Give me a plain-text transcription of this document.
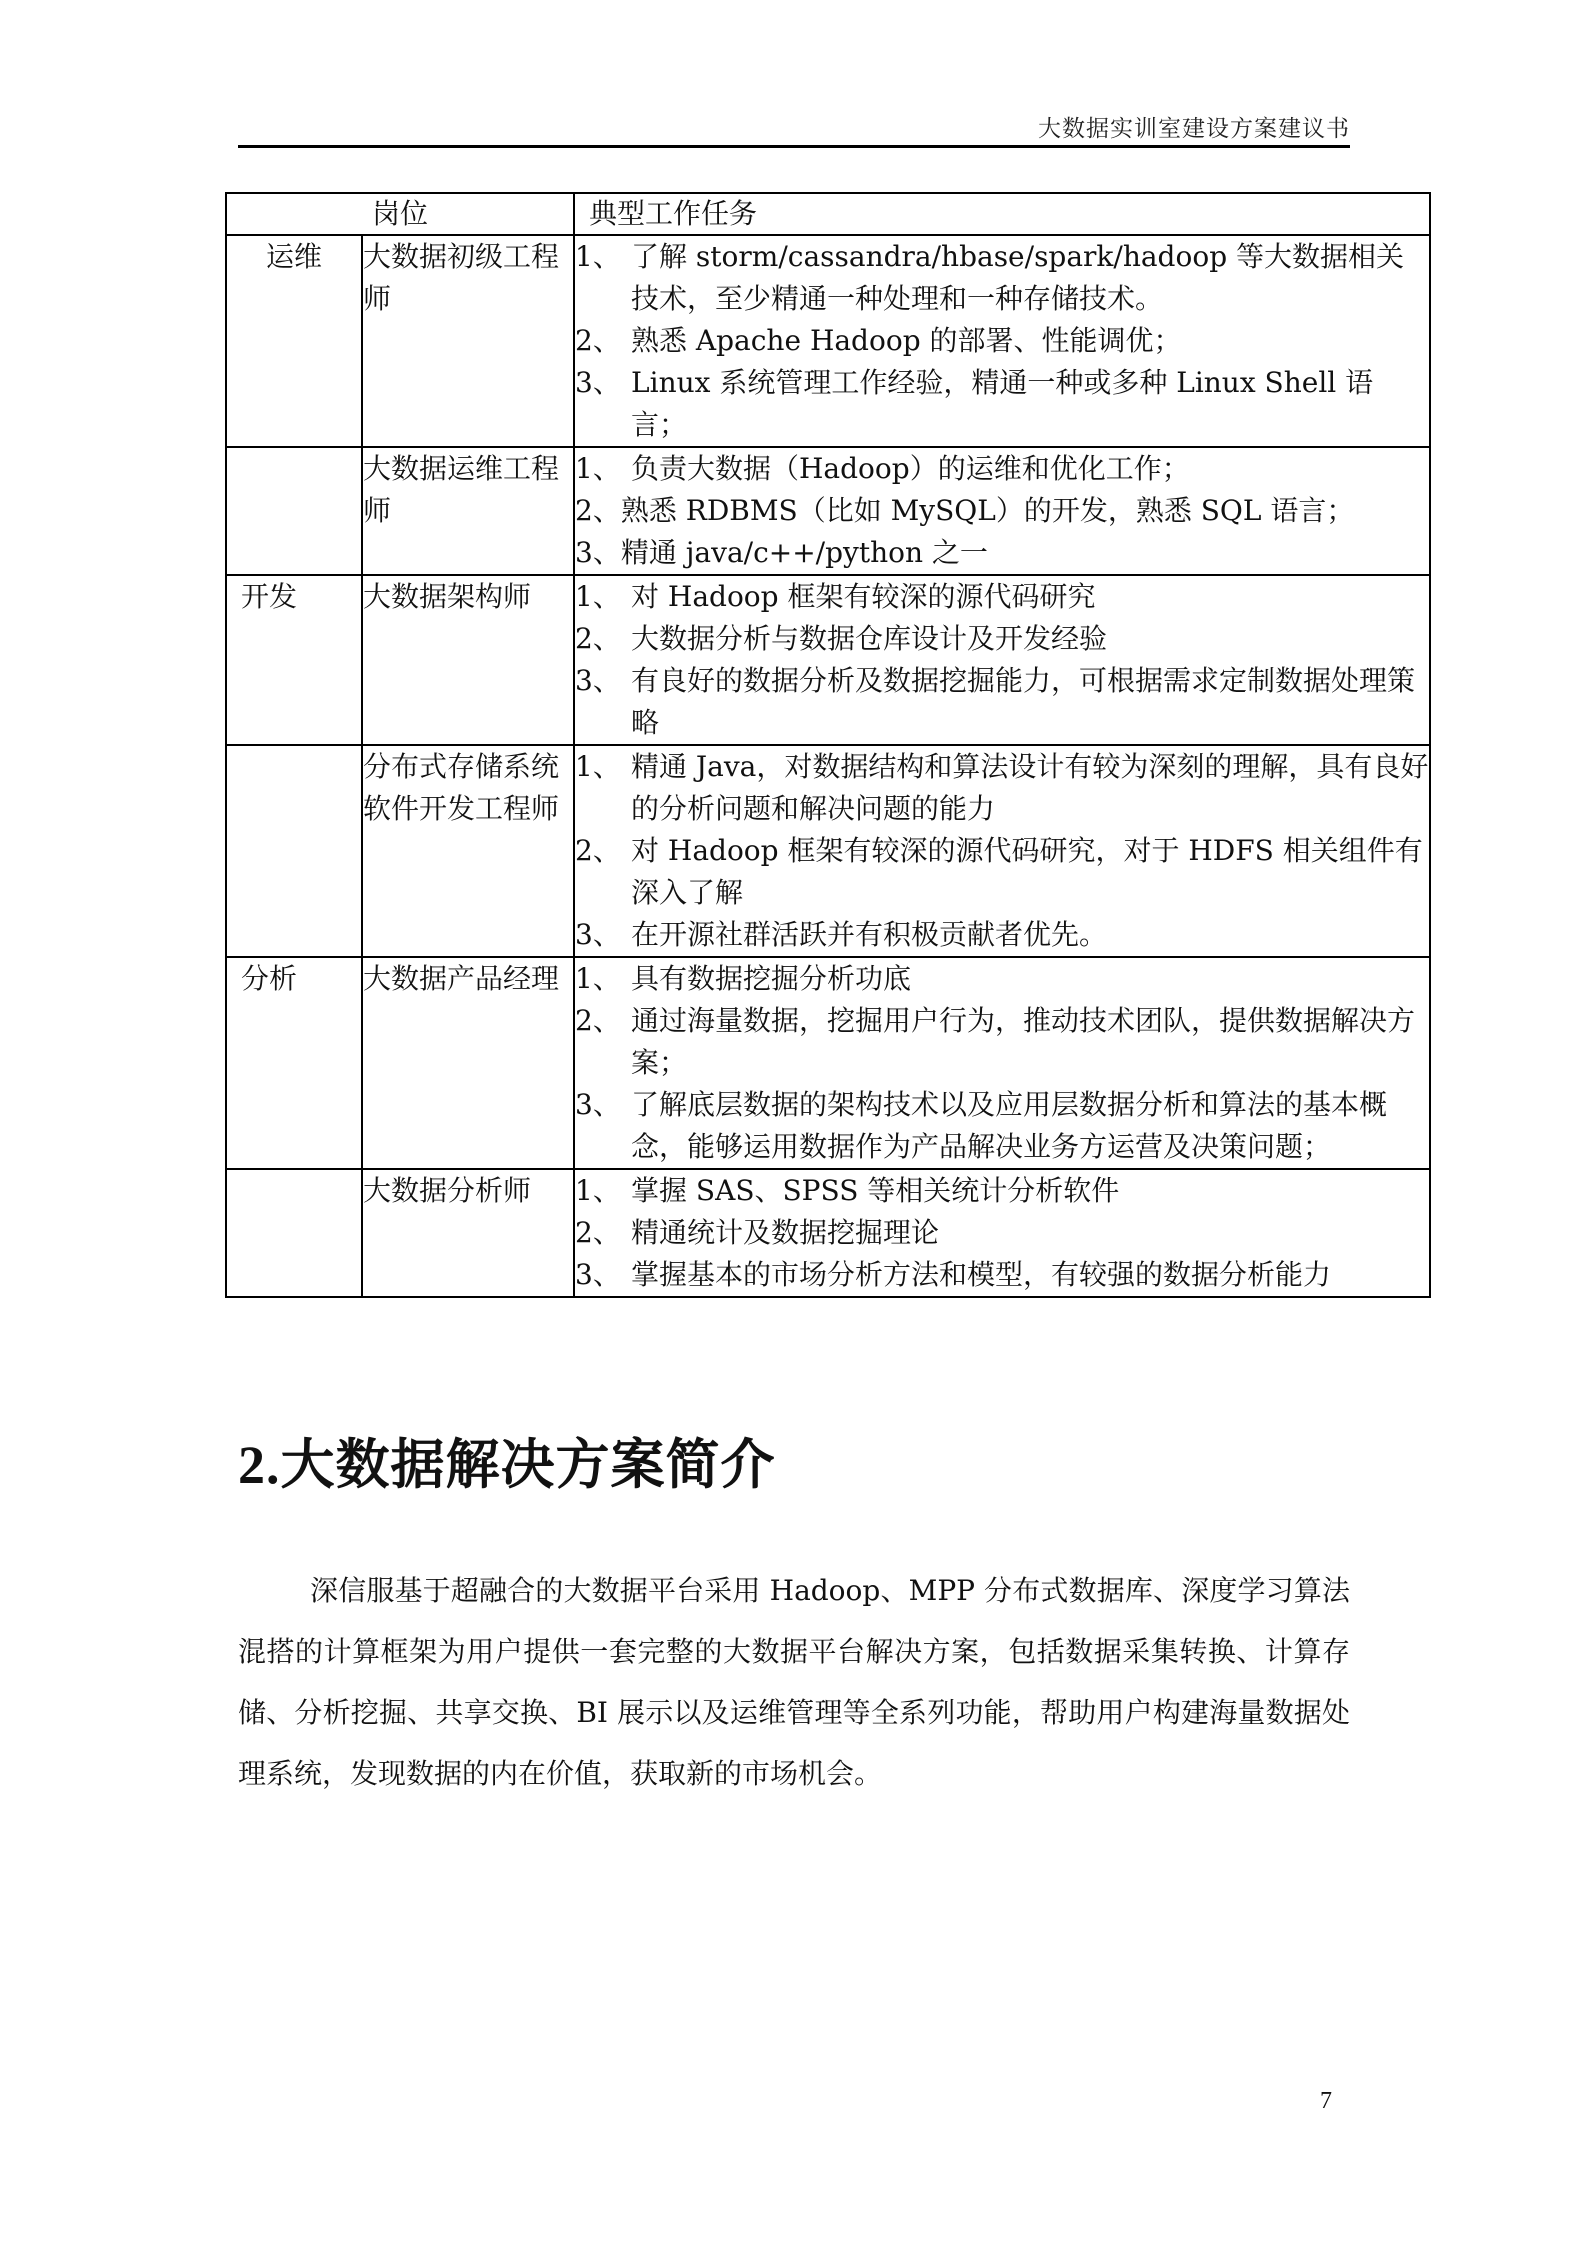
大数据实训室建设方案建议书
岗位		典型工作任务
运维	大数据初级工程师	1、 了解 storm/cassandra/hbase/spark/hadoop 等大数据相关技术，至少精通一种处理和一种存储技术。
2、 熟悉 Apache Hadoop 的部署、性能调优；
3、 Linux 系统管理工作经验，精通一种或多种 Linux Shell 语言；

	大数据运维工程师	1、 负责大数据（Hadoop）的运维和优化工作；
2、熟悉 RDBMS（比如 MySQL）的开发，熟悉 SQL 语言；
3、精通 java/c++/python 之一

开发	大数据架构师	1、 对 Hadoop 框架有较深的源代码研究
2、 大数据分析与数据仓库设计及开发经验
3、 有良好的数据分析及数据挖掘能力，可根据需求定制数据处理策略

	分布式存储系统软件开发工程师	1、 精通 Java，对数据结构和算法设计有较为深刻的理解，具有良好的分析问题和解决问题的能力
2、 对 Hadoop 框架有较深的源代码研究，对于 HDFS 相关组件有深入了解
3、 在开源社群活跃并有积极贡献者优先。

分析	大数据产品经理	1、 具有数据挖掘分析功底
2、 通过海量数据，挖掘用户行为，推动技术团队，提供数据解决方案；
3、 了解底层数据的架构技术以及应用层数据分析和算法的基本概念，能够运用数据作为产品解决业务方运营及决策问题；

	大数据分析师	1、 掌握 SAS、SPSS 等相关统计分析软件
2、 精通统计及数据挖掘理论
3、 掌握基本的市场分析方法和模型，有较强的数据分析能力
2.大数据解决方案简介
深信服基于超融合的大数据平台采用 Hadoop、MPP 分布式数据库、深度学习算法混搭的计算框架为用户提供一套完整的大数据平台解决方案，包括数据采集转换、计算存储、分析挖掘、共享交换、BI 展示以及运维管理等全系列功能，帮助用户构建海量数据处理系统，发现数据的内在价值，获取新的市场机会。
7
